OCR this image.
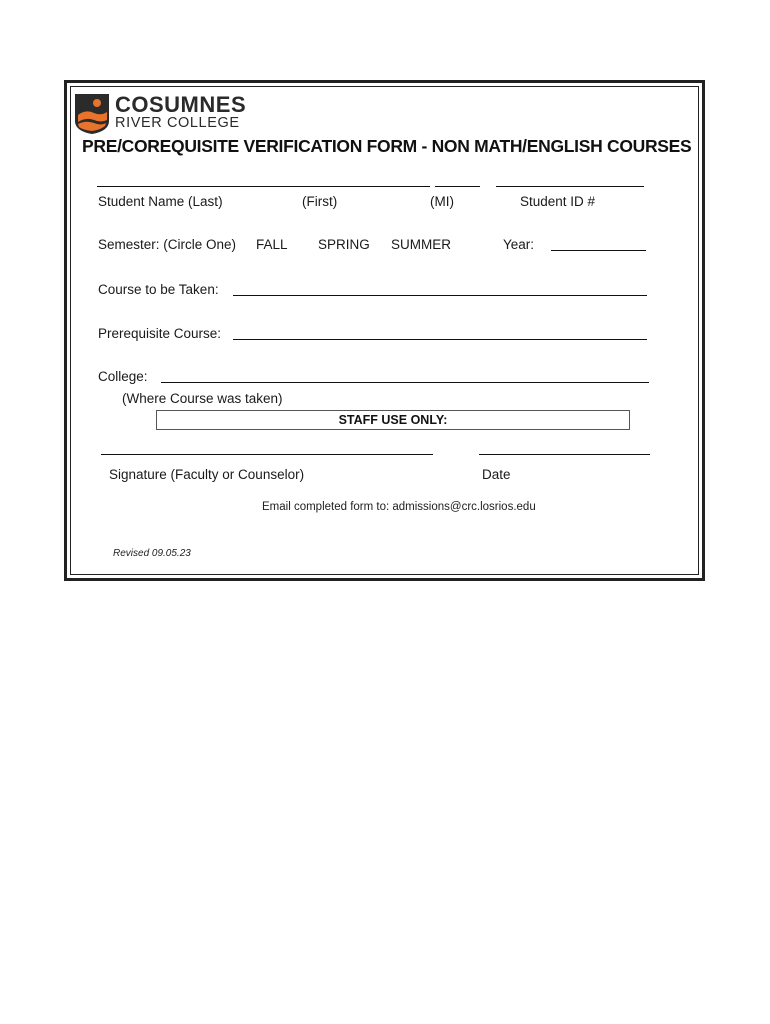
COSUMNES
RIVER COLLEGE
PRE/COREQUISITE VERIFICATION FORM - NON MATH/ENGLISH COURSES
Student Name (Last)	(First)	(MI)	Student ID #
Semester: (Circle One) FALL SPRING SUMMER	Year:
Course to be Taken:
Prerequisite Course:
College:
(Where Course was taken)
STAFF USE ONLY:
Signature (Faculty or Counselor)	Date
Email completed form to: admissions@crc.losrios.edu
Revised 09.05.23
